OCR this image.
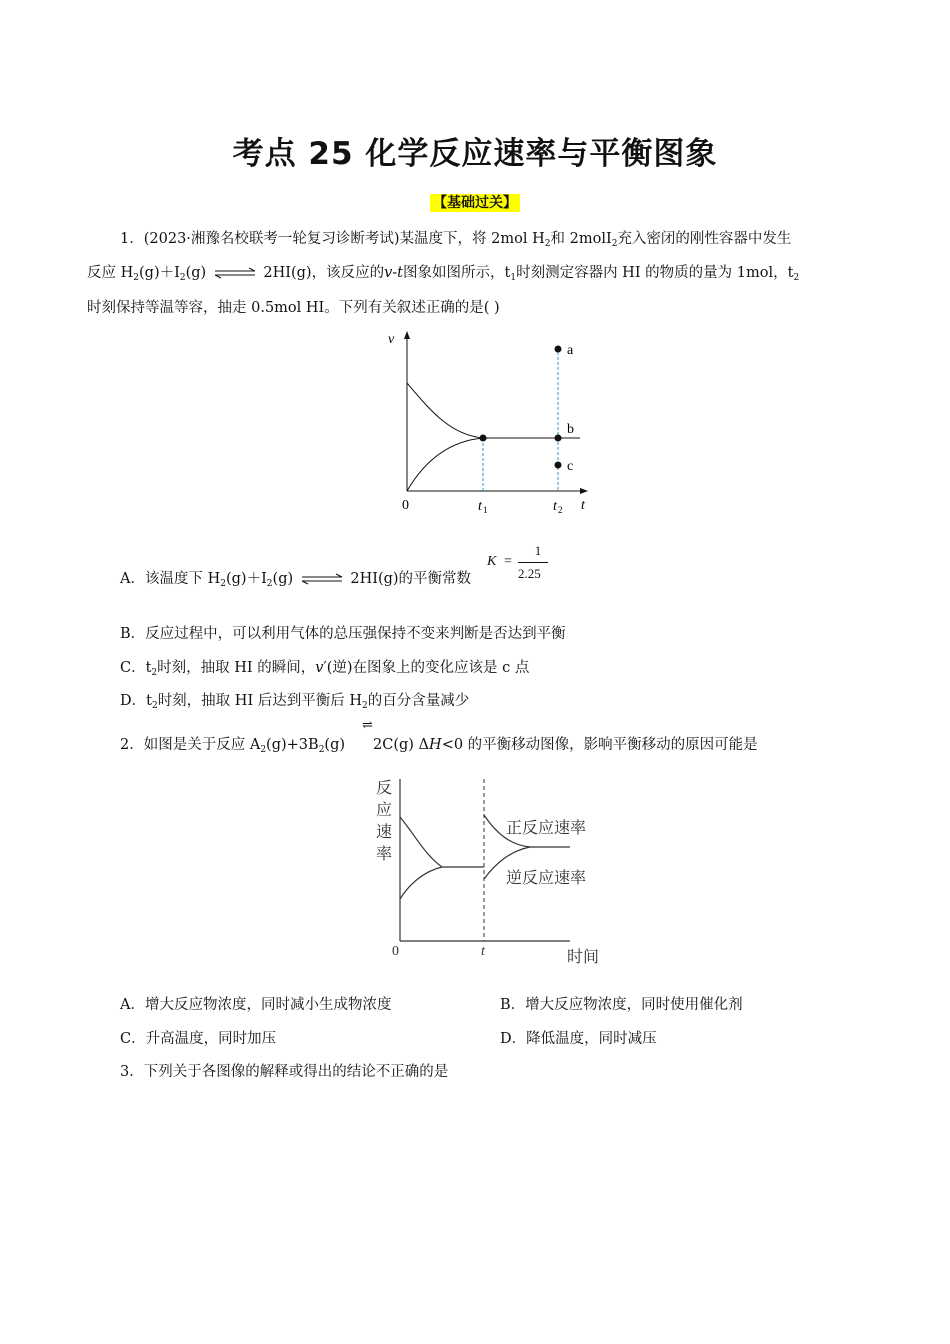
考点 25 化学反应速率与平衡图象
【基础过关】
1．(2023·湘豫名校联考一轮复习诊断考试)某温度下，将 2mol $H_2$和 2molI$_2$充入密闭的刚性容器中发生
反应 $H_2(g)+I_2(g)$ ⇌ 2HI(g)，该反应的v-t图象如图所示，$t_1$时刻测定容器内 HI 的物质的量为 1mol，$t_2$
时刻保持等温等容，抽走 0.5mol HI。下列有关叙述正确的是( )
v
t
0
a
b
c
t 1	t 2
A．该温度下 $H_2(g)+I_2(g)$ ⇌ 2HI(g)的平衡常数
K =
1
2.25
B．反应过程中，可以利用气体的总压强保持不变来判断是否达到平衡
C．$t_2$时刻，抽取 HI 的瞬间，v′(逆)在图象上的变化应该是 c 点
D．$t_2$时刻，抽取 HI 后达到平衡后 $H_2$的百分含量减少
2．如图是关于反应 $A_2(g)+3B_2(g)$ 2C(g) ΔH<0 的平衡移动图像，影响平衡移动的原因可能是
⇌
反
应
速
率
0	t	时间
正反应速率
逆反应速率
A．增大反应物浓度，同时减小生成物浓度	B．增大反应物浓度，同时使用催化剂
C．升高温度，同时加压	D．降低温度，同时减压
3．下列关于各图像的解释或得出的结论不正确的是
